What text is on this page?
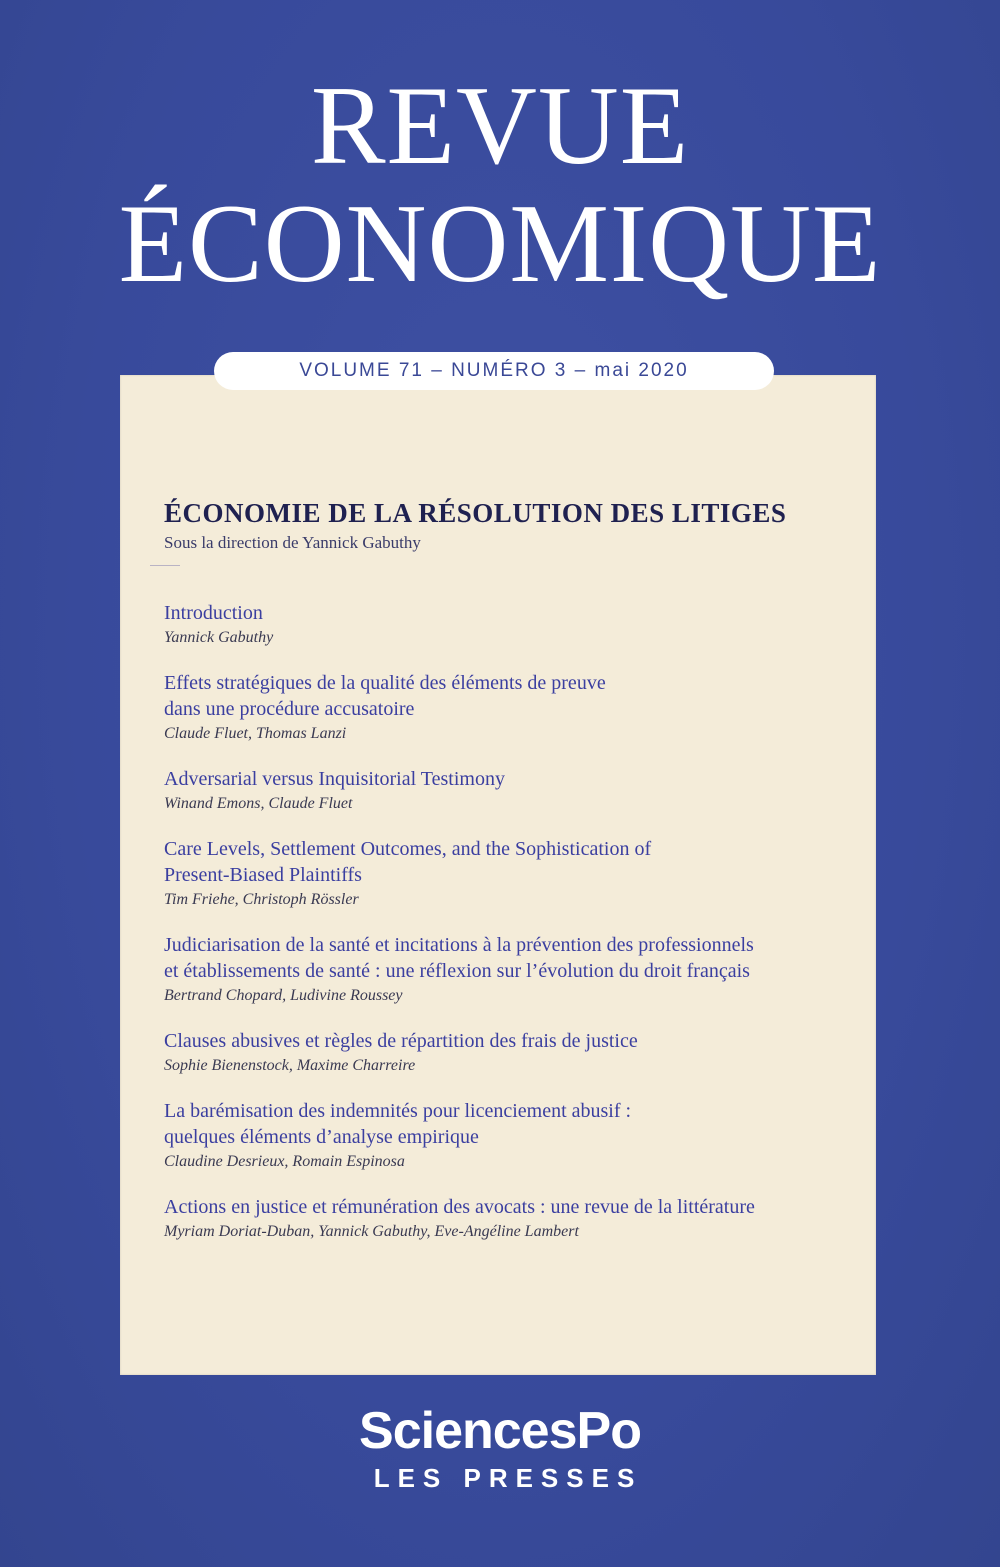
REVUE
ÉCONOMIQUE
VOLUME 71 – NUMÉRO 3 – mai 2020
ÉCONOMIE DE LA RÉSOLUTION DES LITIGES
Sous la direction de Yannick Gabuthy
Introduction
Yannick Gabuthy
Effets stratégiques de la qualité des éléments de preuve
dans une procédure accusatoire
Claude Fluet, Thomas Lanzi
Adversarial versus Inquisitorial Testimony
Winand Emons, Claude Fluet
Care Levels, Settlement Outcomes, and the Sophistication of
Present-Biased Plaintiffs
Tim Friehe, Christoph Rössler
Judiciarisation de la santé et incitations à la prévention des professionnels
et établissements de santé : une réflexion sur l’évolution du droit français
Bertrand Chopard, Ludivine Roussey
Clauses abusives et règles de répartition des frais de justice
Sophie Bienenstock, Maxime Charreire
La barémisation des indemnités pour licenciement abusif :
quelques éléments d’analyse empirique
Claudine Desrieux, Romain Espinosa
Actions en justice et rémunération des avocats : une revue de la littérature
Myriam Doriat-Duban, Yannick Gabuthy, Eve-Angéline Lambert
SciencesPo
LES PRESSES
